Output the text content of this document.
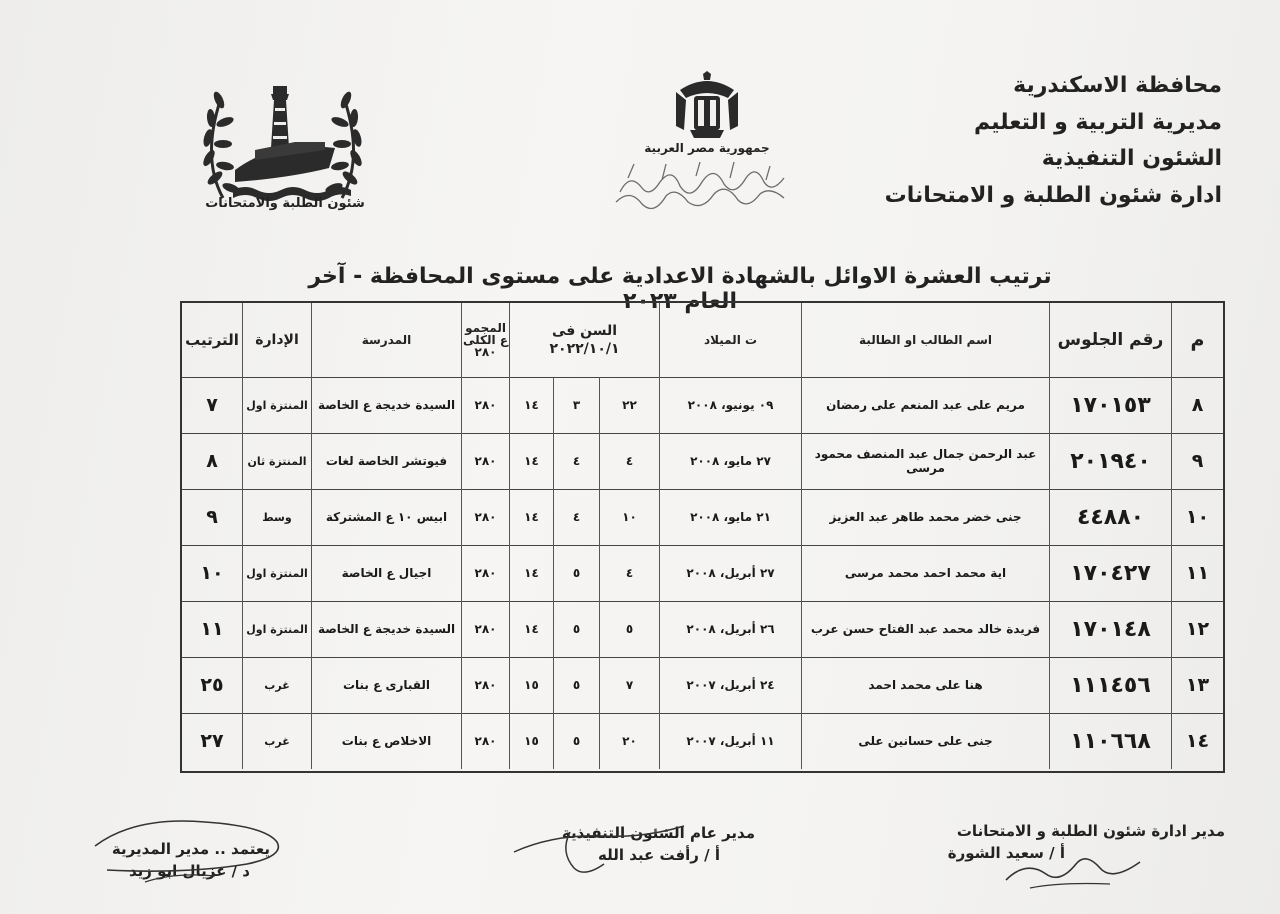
محافظة الاسكندرية
مديرية التربية و التعليم
الشئون التنفيذية
ادارة شئون الطلبة و الامتحانات
جمهورية مصر العربية
شئون الطلبة والامتحانات
ترتيب العشرة الاوائل بالشهادة الاعدادية على مستوى المحافظة - آخر العام ٢٠٢٣
م
رقم الجلوس
اسم الطالب او الطالبة
ت الميلاد
السن فى
٢٠٢٢/١٠/١
المجمو
ع الكلى
٢٨٠
المدرسة
الإدارة
الترتيب
٨
١٧٠١٥٣
مريم على عبد المنعم على رمضان
٠٩ يونيو، ٢٠٠٨
٢٢
٣
١٤
٢٨٠
السيدة خديجة ع الخاصة
المنتزة اول
٧
٩
٢٠١٩٤٠
عبد الرحمن جمال عبد المنصف محمود مرسى
٢٧ مايو، ٢٠٠٨
٤
٤
١٤
٢٨٠
فيوتشر الخاصة لغات
المنتزة ثان
٨
١٠
٤٤٨٨٠
جنى خضر محمد طاهر عبد العزيز
٢١ مايو، ٢٠٠٨
١٠
٤
١٤
٢٨٠
ابيس ١٠ ع المشتركة
وسط
٩
١١
١٧٠٤٢٧
اية محمد احمد محمد مرسى
٢٧ أبريل، ٢٠٠٨
٤
٥
١٤
٢٨٠
اجيال ع الخاصة
المنتزة اول
١٠
١٢
١٧٠١٤٨
فريدة خالد محمد عبد الفتاح حسن عرب
٢٦ أبريل، ٢٠٠٨
٥
٥
١٤
٢٨٠
السيدة خديجة ع الخاصة
المنتزة اول
١١
١٣
١١١٤٥٦
هنا على محمد احمد
٢٤ أبريل، ٢٠٠٧
٧
٥
١٥
٢٨٠
القبارى ع بنات
غرب
٢٥
١٤
١١٠٦٦٨
جنى على حسانين على
١١ أبريل، ٢٠٠٧
٢٠
٥
١٥
٢٨٠
الاخلاص ع بنات
غرب
٢٧
مدير ادارة شئون الطلبة و الامتحانات
أ / سعيد الشورة
مدير عام الشئون التنفيذية
أ / رأفت عبد الله
يعتمد .. مدير المديرية
د / عزيال ابو زيد
